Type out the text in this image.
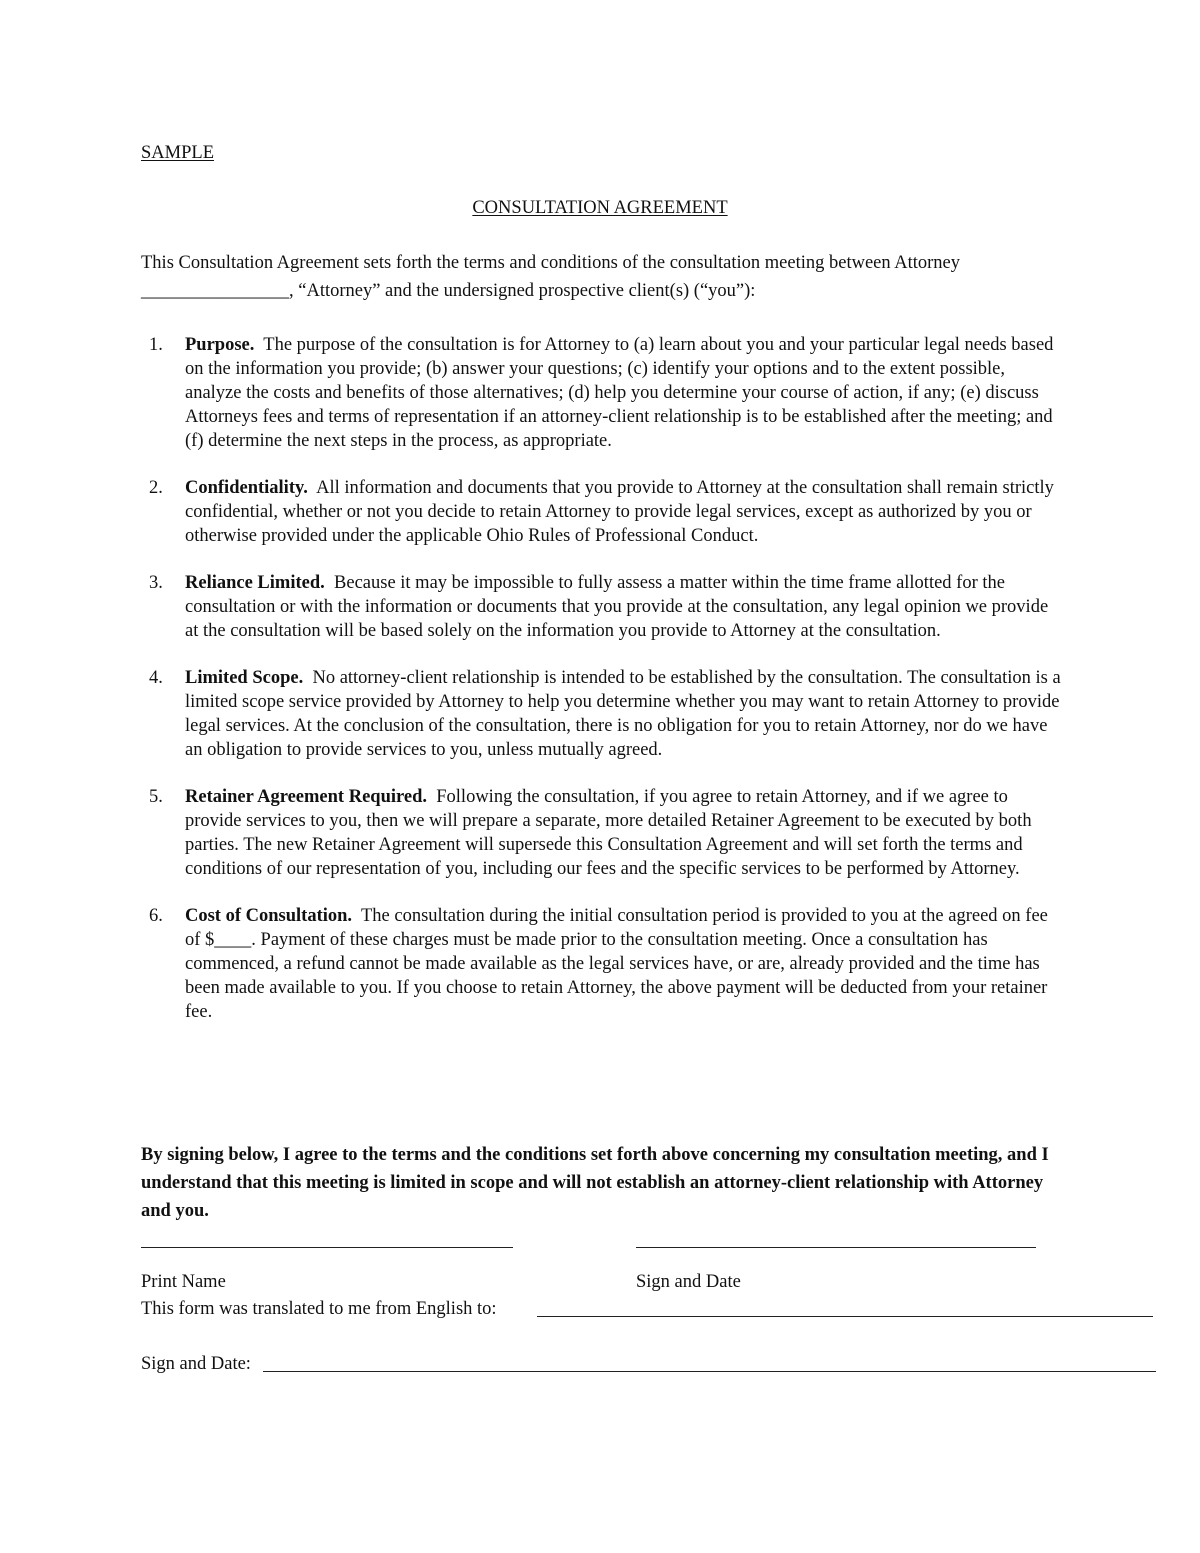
SAMPLE
CONSULTATION AGREEMENT
This Consultation Agreement sets forth the terms and conditions of the consultation meeting between Attorney
________________, “Attorney” and the undersigned prospective client(s) (“you”):
1. Purpose. The purpose of the consultation is for Attorney to (a) learn about you and your particular legal needs based on the information you provide; (b) answer your questions; (c) identify your options and to the extent possible, analyze the costs and benefits of those alternatives; (d) help you determine your course of action, if any; (e) discuss Attorneys fees and terms of representation if an attorney-client relationship is to be established after the meeting; and (f) determine the next steps in the process, as appropriate.
2. Confidentiality. All information and documents that you provide to Attorney at the consultation shall remain strictly confidential, whether or not you decide to retain Attorney to provide legal services, except as authorized by you or otherwise provided under the applicable Ohio Rules of Professional Conduct.
3. Reliance Limited. Because it may be impossible to fully assess a matter within the time frame allotted for the consultation or with the information or documents that you provide at the consultation, any legal opinion we provide at the consultation will be based solely on the information you provide to Attorney at the consultation.
4. Limited Scope. No attorney-client relationship is intended to be established by the consultation. The consultation is a limited scope service provided by Attorney to help you determine whether you may want to retain Attorney to provide legal services. At the conclusion of the consultation, there is no obligation for you to retain Attorney, nor do we have an obligation to provide services to you, unless mutually agreed.
5. Retainer Agreement Required. Following the consultation, if you agree to retain Attorney, and if we agree to provide services to you, then we will prepare a separate, more detailed Retainer Agreement to be executed by both parties. The new Retainer Agreement will supersede this Consultation Agreement and will set forth the terms and conditions of our representation of you, including our fees and the specific services to be performed by Attorney.
6. Cost of Consultation. The consultation during the initial consultation period is provided to you at the agreed on fee of $____. Payment of these charges must be made prior to the consultation meeting. Once a consultation has commenced, a refund cannot be made available as the legal services have, or are, already provided and the time has been made available to you. If you choose to retain Attorney, the above payment will be deducted from your retainer fee.
By signing below, I agree to the terms and the conditions set forth above concerning my consultation meeting, and I understand that this meeting is limited in scope and will not establish an attorney-client relationship with Attorney and you.
Print Name	Sign and Date
This form was translated to me from English to:
Sign and Date:
